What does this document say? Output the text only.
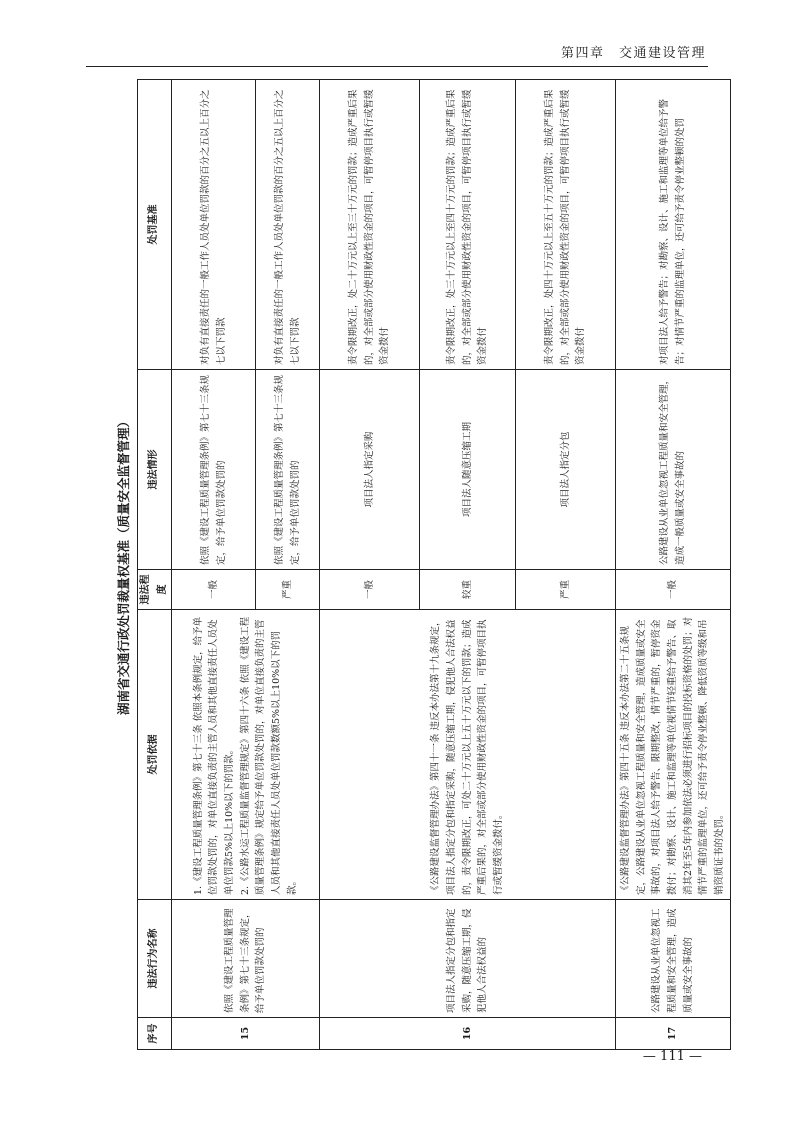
第四章　交通建设管理
湖南省交通行政处罚裁量权基准（质量安全监督管理）
序号	违法行为名称	处罚依据	违法程度	违法情形	处罚基准
15	依照《建设工程质量管理条例》第七十三条规定，给予单位罚款处罚的	1.《建设工程质量管理条例》第七十三条 依照本条例规定，给予单位罚款处罚的，对单位直接负责的主管人员和其他直接责任人员处单位罚款5%以上10%以下的罚款。 2.《公路水运工程质量监督管理规定》第四十六条 依照《建设工程质量管理条例》规定给予单位罚款处罚的，对单位直接负责的主管人员和其他直接责任人员处单位罚款数额5%以上10%以下的罚款。	一般	依照《建设工程质量管理条例》第七十三条规定，给予单位罚款处罚的	对负有直接责任的一般工作人员处单位罚款的百分之五以上百分之七以下罚款
			严重	依照《建设工程质量管理条例》第七十三条规定，给予单位罚款处罚的	对负有直接责任的一般工作人员处单位罚款的百分之五以上百分之七以下罚款
16	项目法人指定分包和指定采购，随意压缩工期，侵犯他人合法权益的	《公路建设监督管理办法》第四十一条 违反本办法第十九条规定，项目法人指定分包和指定采购，随意压缩工期，侵犯他人合法权益的，责令限期改正，可处二十万元以上五十万元以下的罚款；造成严重后果的，对全部或部分使用财政性资金的项目，可暂停项目执行或暂缓资金拨付。	一般	项目法人指定采购	责令限期改正，处二十万元以上至三十万元的罚款；造成严重后果的，对全部或部分使用财政性资金的项目，可暂停项目执行或暂缓资金拨付
			较重	项目法人随意压缩工期	责令限期改正，处三十万元以上至四十万元的罚款；造成严重后果的，对全部或部分使用财政性资金的项目，可暂停项目执行或暂缓资金拨付
			严重	项目法人指定分包	责令限期改正，处四十万元以上至五十万元的罚款；造成严重后果的，对全部或部分使用财政性资金的项目，可暂停项目执行或暂缓资金拨付
17	公路建设从业单位忽视工程质量和安全管理，造成质量或安全事故的	《公路建设监督管理办法》第四十五条 违反本办法第二十五条规定，公路建设从业单位忽视工程质量和安全管理，造成质量或安全事故的，对项目法人给予警告、限期整改，情节严重的，暂停资金拨付；对勘察、设计、施工和监理等单位视情节轻重给予警告、取消其2年至5年内参加依法必须进行招标项目的投标资格的处罚；对情节严重的监理单位，还可给予责令停业整顿、降低资质等级和吊销资质证书的处罚。	一般	公路建设从业单位忽视工程质量和安全管理，造成一般质量或安全事故的	对项目法人给予警告；对勘察、设计、施工和监理等单位给予警告；对情节严重的监理单位，还可给予责令停业整顿的处罚
— 111 —
